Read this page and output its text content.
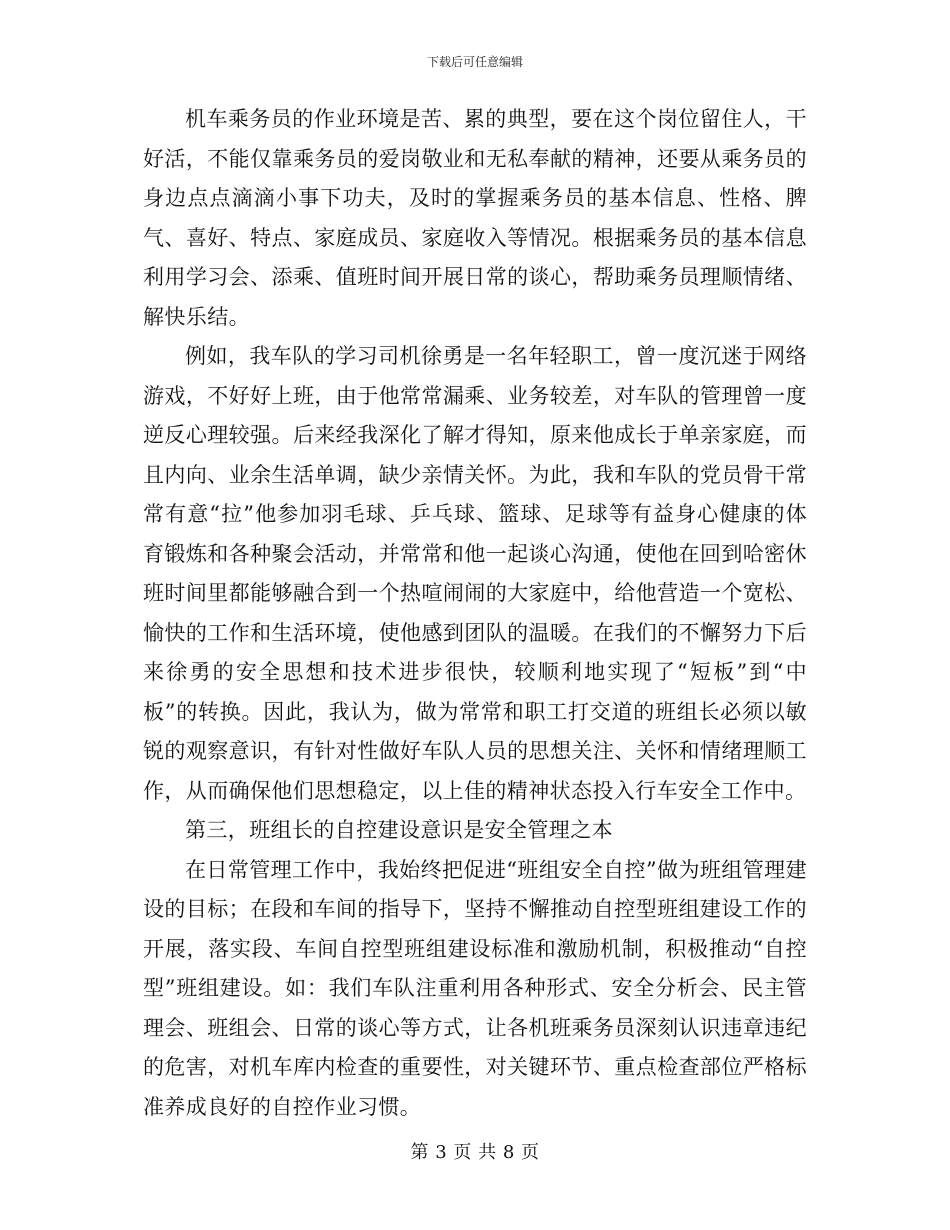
下载后可任意编辑

机车乘务员的作业环境是苦、累的典型，要在这个岗位留住人，干好活，不能仅靠乘务员的爱岗敬业和无私奉献的精神，还要从乘务员的身边点点滴滴小事下功夫，及时的掌握乘务员的基本信息、性格、脾气、喜好、特点、家庭成员、家庭收入等情况。根据乘务员的基本信息利用学习会、添乘、值班时间开展日常的谈心，帮助乘务员理顺情绪、解快乐结。

例如，我车队的学习司机徐勇是一名年轻职工，曾一度沉迷于网络游戏，不好好上班，由于他常常漏乘、业务较差，对车队的管理曾一度逆反心理较强。后来经我深化了解才得知，原来他成长于单亲家庭，而且内向、业余生活单调，缺少亲情关怀。为此，我和车队的党员骨干常常有意“拉”他参加羽毛球、乒乓球、篮球、足球等有益身心健康的体育锻炼和各种聚会活动，并常常和他一起谈心沟通，使他在回到哈密休班时间里都能够融合到一个热喧闹闹的大家庭中，给他营造一个宽松、愉快的工作和生活环境，使他感到团队的温暖。在我们的不懈努力下后来徐勇的安全思想和技术进步很快，较顺利地实现了“短板”到“中板”的转换。因此，我认为，做为常常和职工打交道的班组长必须以敏锐的观察意识，有针对性做好车队人员的思想关注、关怀和情绪理顺工作，从而确保他们思想稳定，以上佳的精神状态投入行车安全工作中。

第三，班组长的自控建设意识是安全管理之本

在日常管理工作中，我始终把促进“班组安全自控”做为班组管理建设的目标；在段和车间的指导下，坚持不懈推动自控型班组建设工作的开展，落实段、车间自控型班组建设标准和激励机制，积极推动“自控型”班组建设。如：我们车队注重利用各种形式、安全分析会、民主管理会、班组会、日常的谈心等方式，让各机班乘务员深刻认识违章违纪的危害，对机车库内检查的重要性，对关键环节、重点检查部位严格标准养成良好的自控作业习惯。

第 3 页 共 8 页
